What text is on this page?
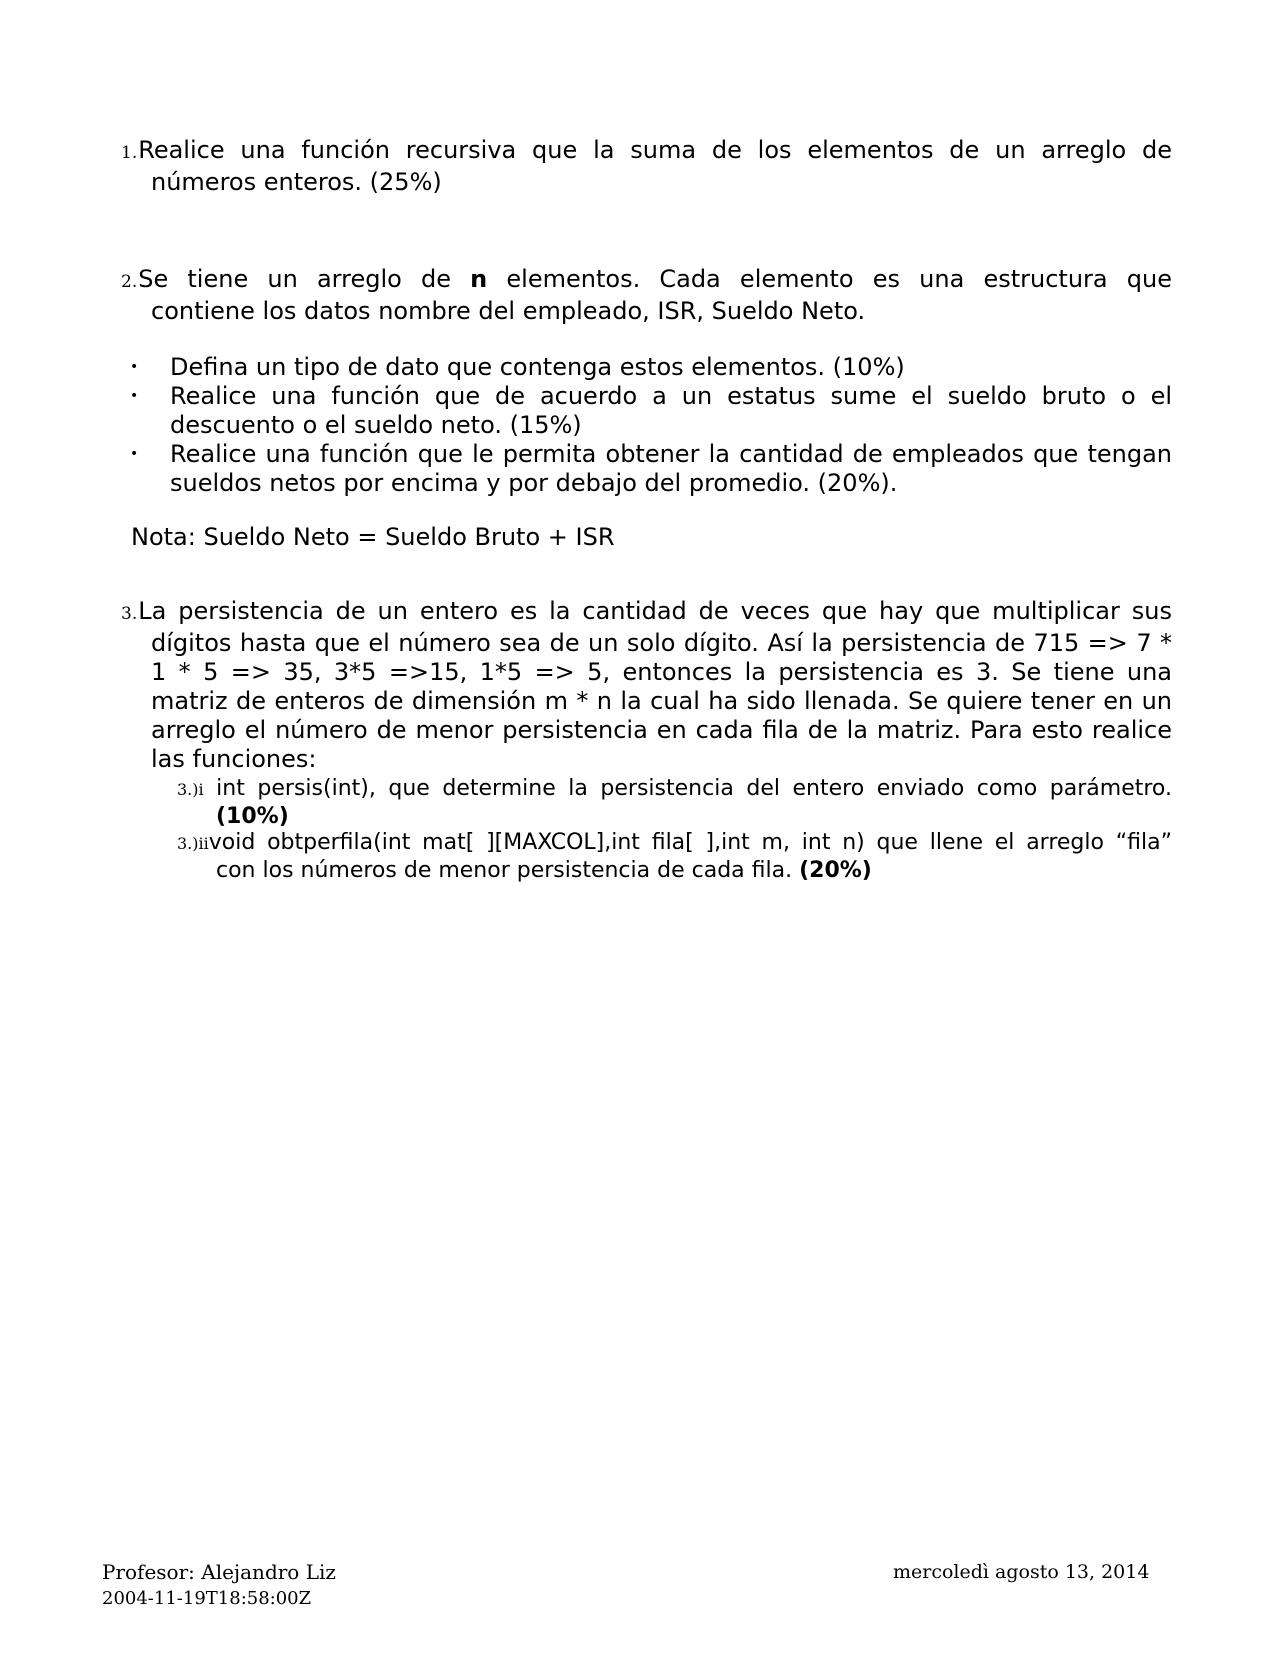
1.Realice una función recursiva que la suma de los elementos de un arreglo de
números enteros. (25%)
2.Se tiene un arreglo de n elementos. Cada elemento es una estructura que
contiene los datos nombre del empleado, ISR, Sueldo Neto.
• Defina un tipo de dato que contenga estos elementos. (10%)
• Realice una función que de acuerdo a un estatus sume el sueldo bruto o el descuento o el sueldo neto. (15%)
• Realice una función que le permita obtener la cantidad de empleados que tengan sueldos netos por encima y por debajo del promedio. (20%).
Nota: Sueldo Neto = Sueldo Bruto + ISR
3.La persistencia de un entero es la cantidad de veces que hay que multiplicar sus
dígitos hasta que el número sea de un solo dígito. Así la persistencia de 715 => 7 * 1 * 5 => 35, 3*5 =>15, 1*5 => 5, entonces la persistencia es 3. Se tiene una matriz de enteros de dimensión m * n la cual ha sido llenada. Se quiere tener en un arreglo el número de menor persistencia en cada fila de la matriz. Para esto realice las funciones:
3.)i int persis(int), que determine la persistencia del entero enviado como parámetro.
(10%)
3.)iivoid obtperfila(int mat[ ][MAXCOL],int fila[ ],int m, int n) que llene el arreglo “fila”
con los números de menor persistencia de cada fila. (20%)
Profesor: Alejandro Liz
2004-11-19T18:58:00Z
mercoledì agosto 13, 2014
